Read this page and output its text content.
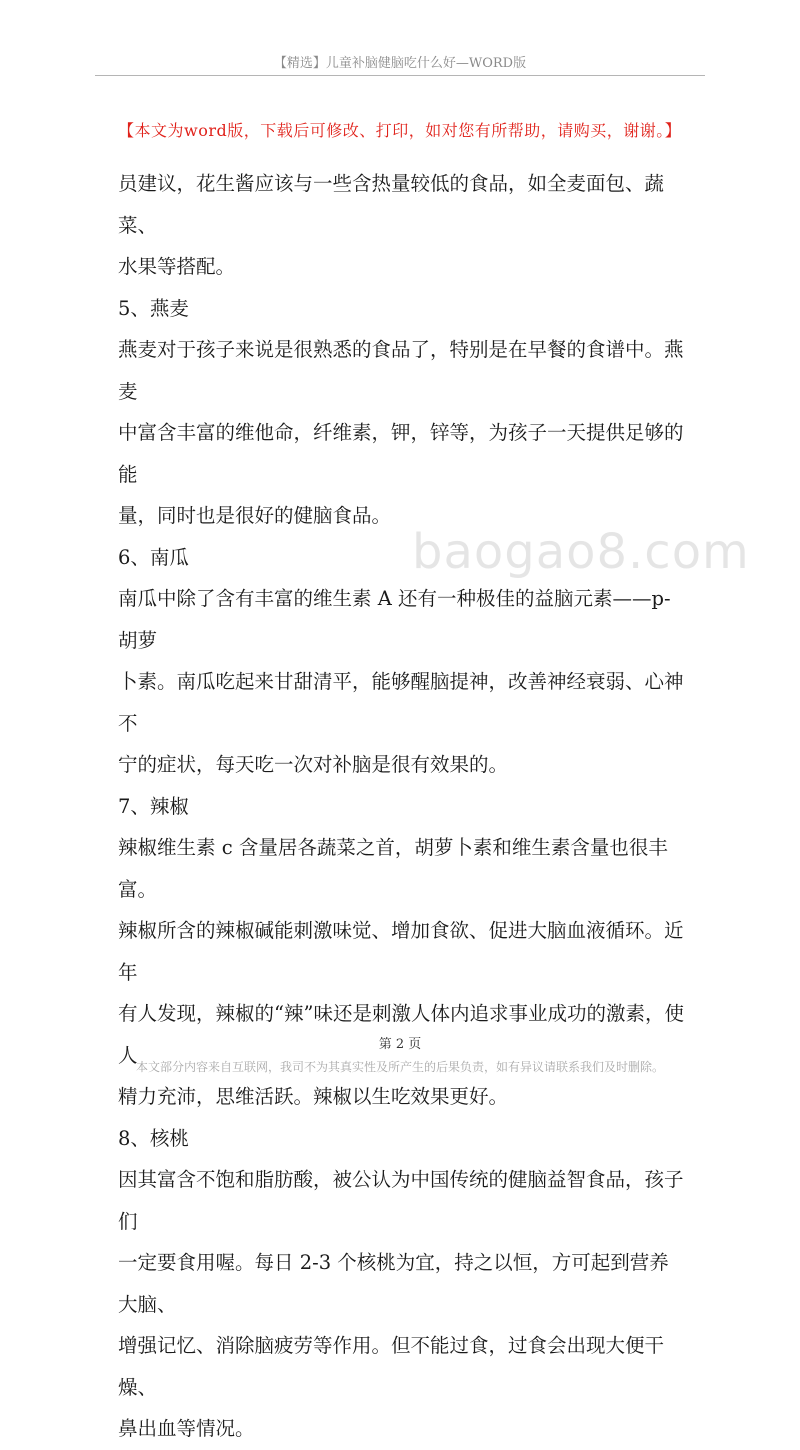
【精选】儿童补脑健脑吃什么好—WORD版
【本文为word版，下载后可修改、打印，如对您有所帮助，请购买，谢谢。】

员建议，花生酱应该与一些含热量较低的食品，如全麦面包、蔬菜、
水果等搭配。

5、燕麦

燕麦对于孩子来说是很熟悉的食品了，特别是在早餐的食谱中。燕麦
中富含丰富的维他命，纤维素，钾，锌等，为孩子一天提供足够的能
量，同时也是很好的健脑食品。

6、南瓜

南瓜中除了含有丰富的维生素 A 还有一种极佳的益脑元素——p-胡萝
卜素。南瓜吃起来甘甜清平，能够醒脑提神，改善神经衰弱、心神不
宁的症状，每天吃一次对补脑是很有效果的。

7、辣椒

辣椒维生素 c 含量居各蔬菜之首，胡萝卜素和维生素含量也很丰富。
辣椒所含的辣椒碱能刺激味觉、增加食欲、促进大脑血液循环。近年
有人发现，辣椒的“辣”味还是刺激人体内追求事业成功的激素，使人
精力充沛，思维活跃。辣椒以生吃效果更好。

8、核桃

因其富含不饱和脂肪酸，被公认为中国传统的健脑益智食品，孩子们
一定要食用喔。每日 2-3 个核桃为宜，持之以恒，方可起到营养大脑、
增强记忆、消除脑疲劳等作用。但不能过食，过食会出现大便干燥、
鼻出血等情况。

baogao8.com
第 2 页
本文部分内容来自互联网，我司不为其真实性及所产生的后果负责，如有异议请联系我们及时删除。
